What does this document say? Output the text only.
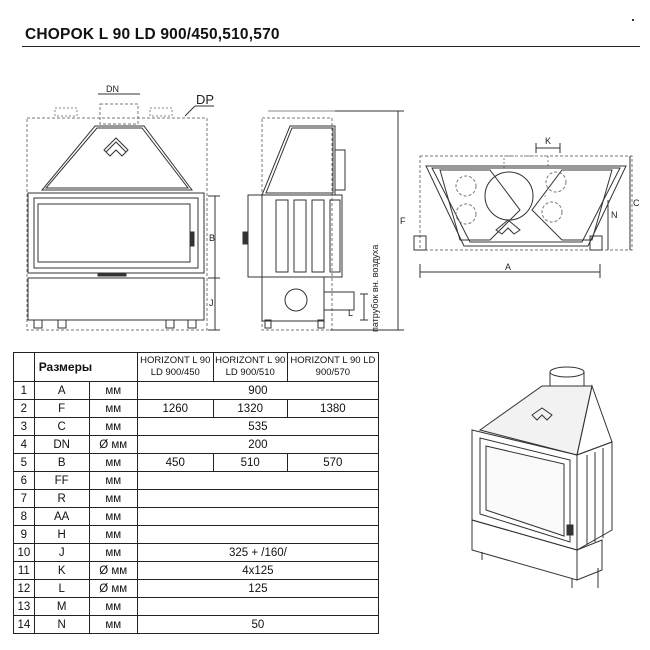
CHOPOK L 90 LD 900/450,510,570
DN
DP
B
J
F
L патрубок вн. воздуха	A
K
N
C
	Размеры		HORIZONT L 90 LD 900/450	HORIZONT L 90 LD 900/510	HORIZONT L 90 LD 900/570
1	A	мм	900		
2	F	мм	1260	1320	1380
3	C	мм	535		
4	DN	Ø мм	200		
5	B	мм	450	510	570
6	FF	мм			
7	R	мм			
8	AA	мм			
9	H	мм			
10	J	мм	325 + /160/		
11	K	Ø мм	4x125		
12	L	Ø мм	125		
13	M	мм			
14	N	мм	50		
